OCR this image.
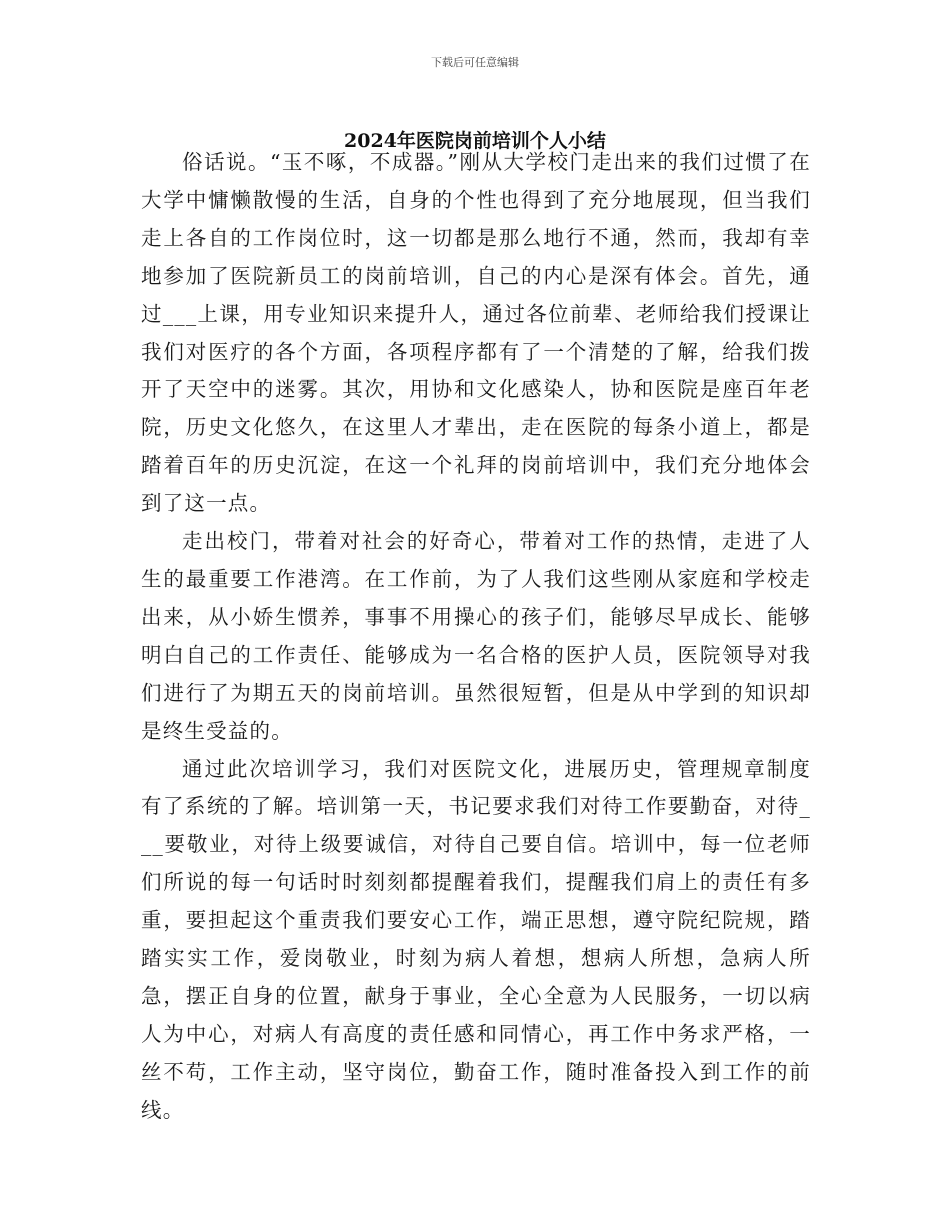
下载后可任意编辑
2024年医院岗前培训个人小结

俗话说。“玉不啄，不成器。”刚从大学校门走出来的我们过惯了在大学中慵懒散慢的生活，自身的个性也得到了充分地展现，但当我们走上各自的工作岗位时，这一切都是那么地行不通，然而，我却有幸地参加了医院新员工的岗前培训，自己的内心是深有体会。首先，通过___上课，用专业知识来提升人，通过各位前辈、老师给我们授课让我们对医疗的各个方面，各项程序都有了一个清楚的了解，给我们拨开了天空中的迷雾。其次，用协和文化感染人，协和医院是座百年老院，历史文化悠久，在这里人才辈出，走在医院的每条小道上，都是踏着百年的历史沉淀，在这一个礼拜的岗前培训中，我们充分地体会到了这一点。

走出校门，带着对社会的好奇心，带着对工作的热情，走进了人生的最重要工作港湾。在工作前，为了人我们这些刚从家庭和学校走出来，从小娇生惯养，事事不用操心的孩子们，能够尽早成长、能够明白自己的工作责任、能够成为一名合格的医护人员，医院领导对我们进行了为期五天的岗前培训。虽然很短暂，但是从中学到的知识却是终生受益的。

通过此次培训学习，我们对医院文化，进展历史，管理规章制度有了系统的了解。培训第一天，书记要求我们对待工作要勤奋，对待___要敬业，对待上级要诚信，对待自己要自信。培训中，每一位老师们所说的每一句话时时刻刻都提醒着我们，提醒我们肩上的责任有多重，要担起这个重责我们要安心工作，端正思想，遵守院纪院规，踏踏实实工作，爱岗敬业，时刻为病人着想，想病人所想，急病人所急，摆正自身的位置，献身于事业，全心全意为人民服务，一切以病人为中心，对病人有高度的责任感和同情心，再工作中务求严格，一丝不苟，工作主动，坚守岗位，勤奋工作，随时准备投入到工作的前线。
